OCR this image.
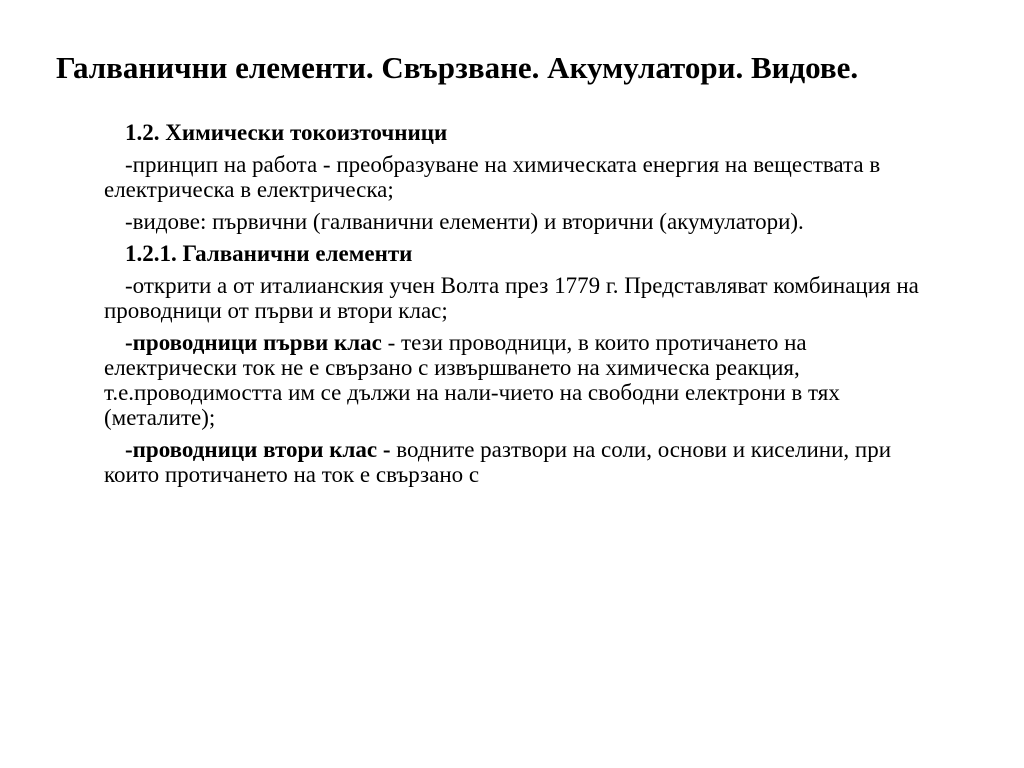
Галванични елементи. Свързване. Акумулатори. Видове.

1.2. Химически токоизточници

-принцип на работа - преобразуване на химическата енергия на веществата в електрическа в електрическа;

-видове: първични (галванични елементи) и вторични (акумулатори).

1.2.1. Галванични елементи

-открити а от италианския учен Волта през 1779 г. Представляват комбинация на проводници от първи и втори клас;

-проводници първи клас - тези проводници, в които протичането на електрически ток не е свързано с извършването на химическа реакция, т.е.проводимостта им се дължи на нали-чието на свободни електрони в тях (металите);

-проводници втори клас - водните разтвори на соли, основи и киселини, при които протичането на ток е свързано с
